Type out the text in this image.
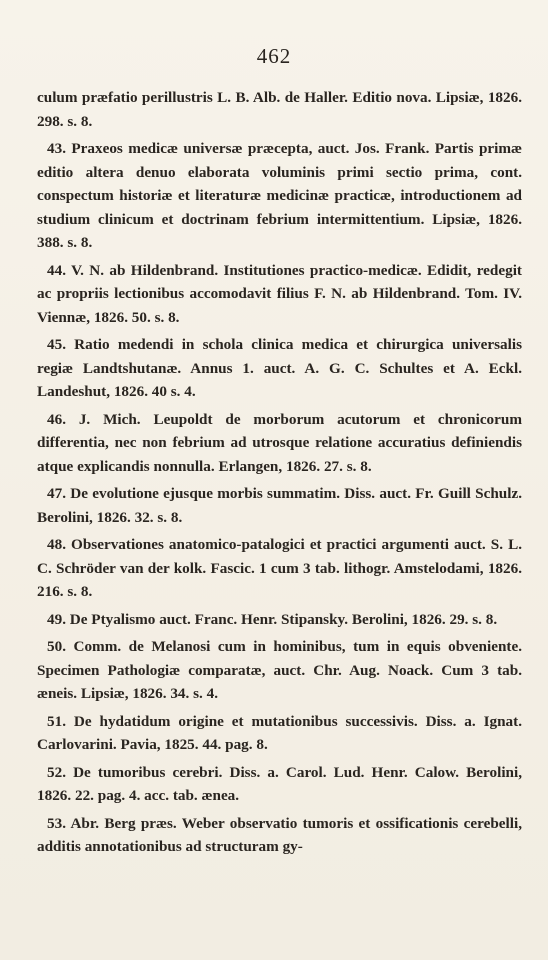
462

culum præfatio perillustris L. B. Alb. de Haller. Editio nova. Lipsiæ, 1826. 298. s. 8.

43. Praxeos medicæ universæ præcepta, auct. Jos. Frank. Partis primæ editio altera denuo elaborata voluminis primi sectio prima, cont. conspectum historiæ et literaturæ medicinæ practicæ, introductionem ad studium clinicum et doctrinam febrium intermittentium. Lipsiæ, 1826. 388. s. 8.

44. V. N. ab Hildenbrand. Institutiones practico-medicæ. Edidit, redegit ac propriis lectionibus accomodavit filius F. N. ab Hildenbrand. Tom. IV. Viennæ, 1826. 50. s. 8.

45. Ratio medendi in schola clinica medica et chirurgica universalis regiæ Landtshutanæ. Annus 1. auct. A. G. C. Schultes et A. Eckl. Landeshut, 1826. 40 s. 4.

46. J. Mich. Leupoldt de morborum acutorum et chronicorum differentia, nec non febrium ad utrosque relatione accuratius definiendis atque explicandis nonnulla. Erlangen, 1826. 27. s. 8.

47. De evolutione ejusque morbis summatim. Diss. auct. Fr. Guill Schulz. Berolini, 1826. 32. s. 8.

48. Observationes anatomico-patalogici et practici argumenti auct. S. L. C. Schröder van der kolk. Fascic. 1 cum 3 tab. lithogr. Amstelodami, 1826. 216. s. 8.

49. De Ptyalismo auct. Franc. Henr. Stipansky. Berolini, 1826. 29. s. 8.

50. Comm. de Melanosi cum in hominibus, tum in equis obveniente. Specimen Pathologiæ comparatæ, auct. Chr. Aug. Noack. Cum 3 tab. æneis. Lipsiæ, 1826. 34. s. 4.

51. De hydatidum origine et mutationibus successivis. Diss. a. Ignat. Carlovarini. Pavia, 1825. 44. pag. 8.

52. De tumoribus cerebri. Diss. a. Carol. Lud. Henr. Calow. Berolini, 1826. 22. pag. 4. acc. tab. ænea.

53. Abr. Berg præs. Weber observatio tumoris et ossificationis cerebelli, additis annotationibus ad structuram gy-
